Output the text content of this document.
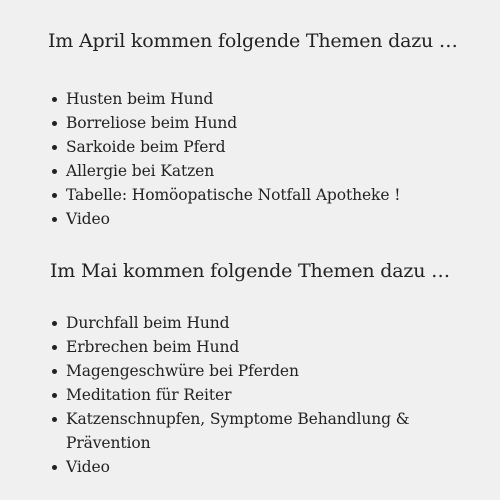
Im April kommen folgende Themen dazu …
Husten beim Hund
Borreliose beim Hund
Sarkoide beim Pferd
Allergie bei Katzen
Tabelle: Homöopatische Notfall Apotheke !
Video
Im Mai kommen folgende Themen dazu …
Durchfall beim Hund
Erbrechen beim Hund
Magengeschwüre bei Pferden
Meditation für Reiter
Katzenschnupfen, Symptome Behandlung & Prävention
Video
